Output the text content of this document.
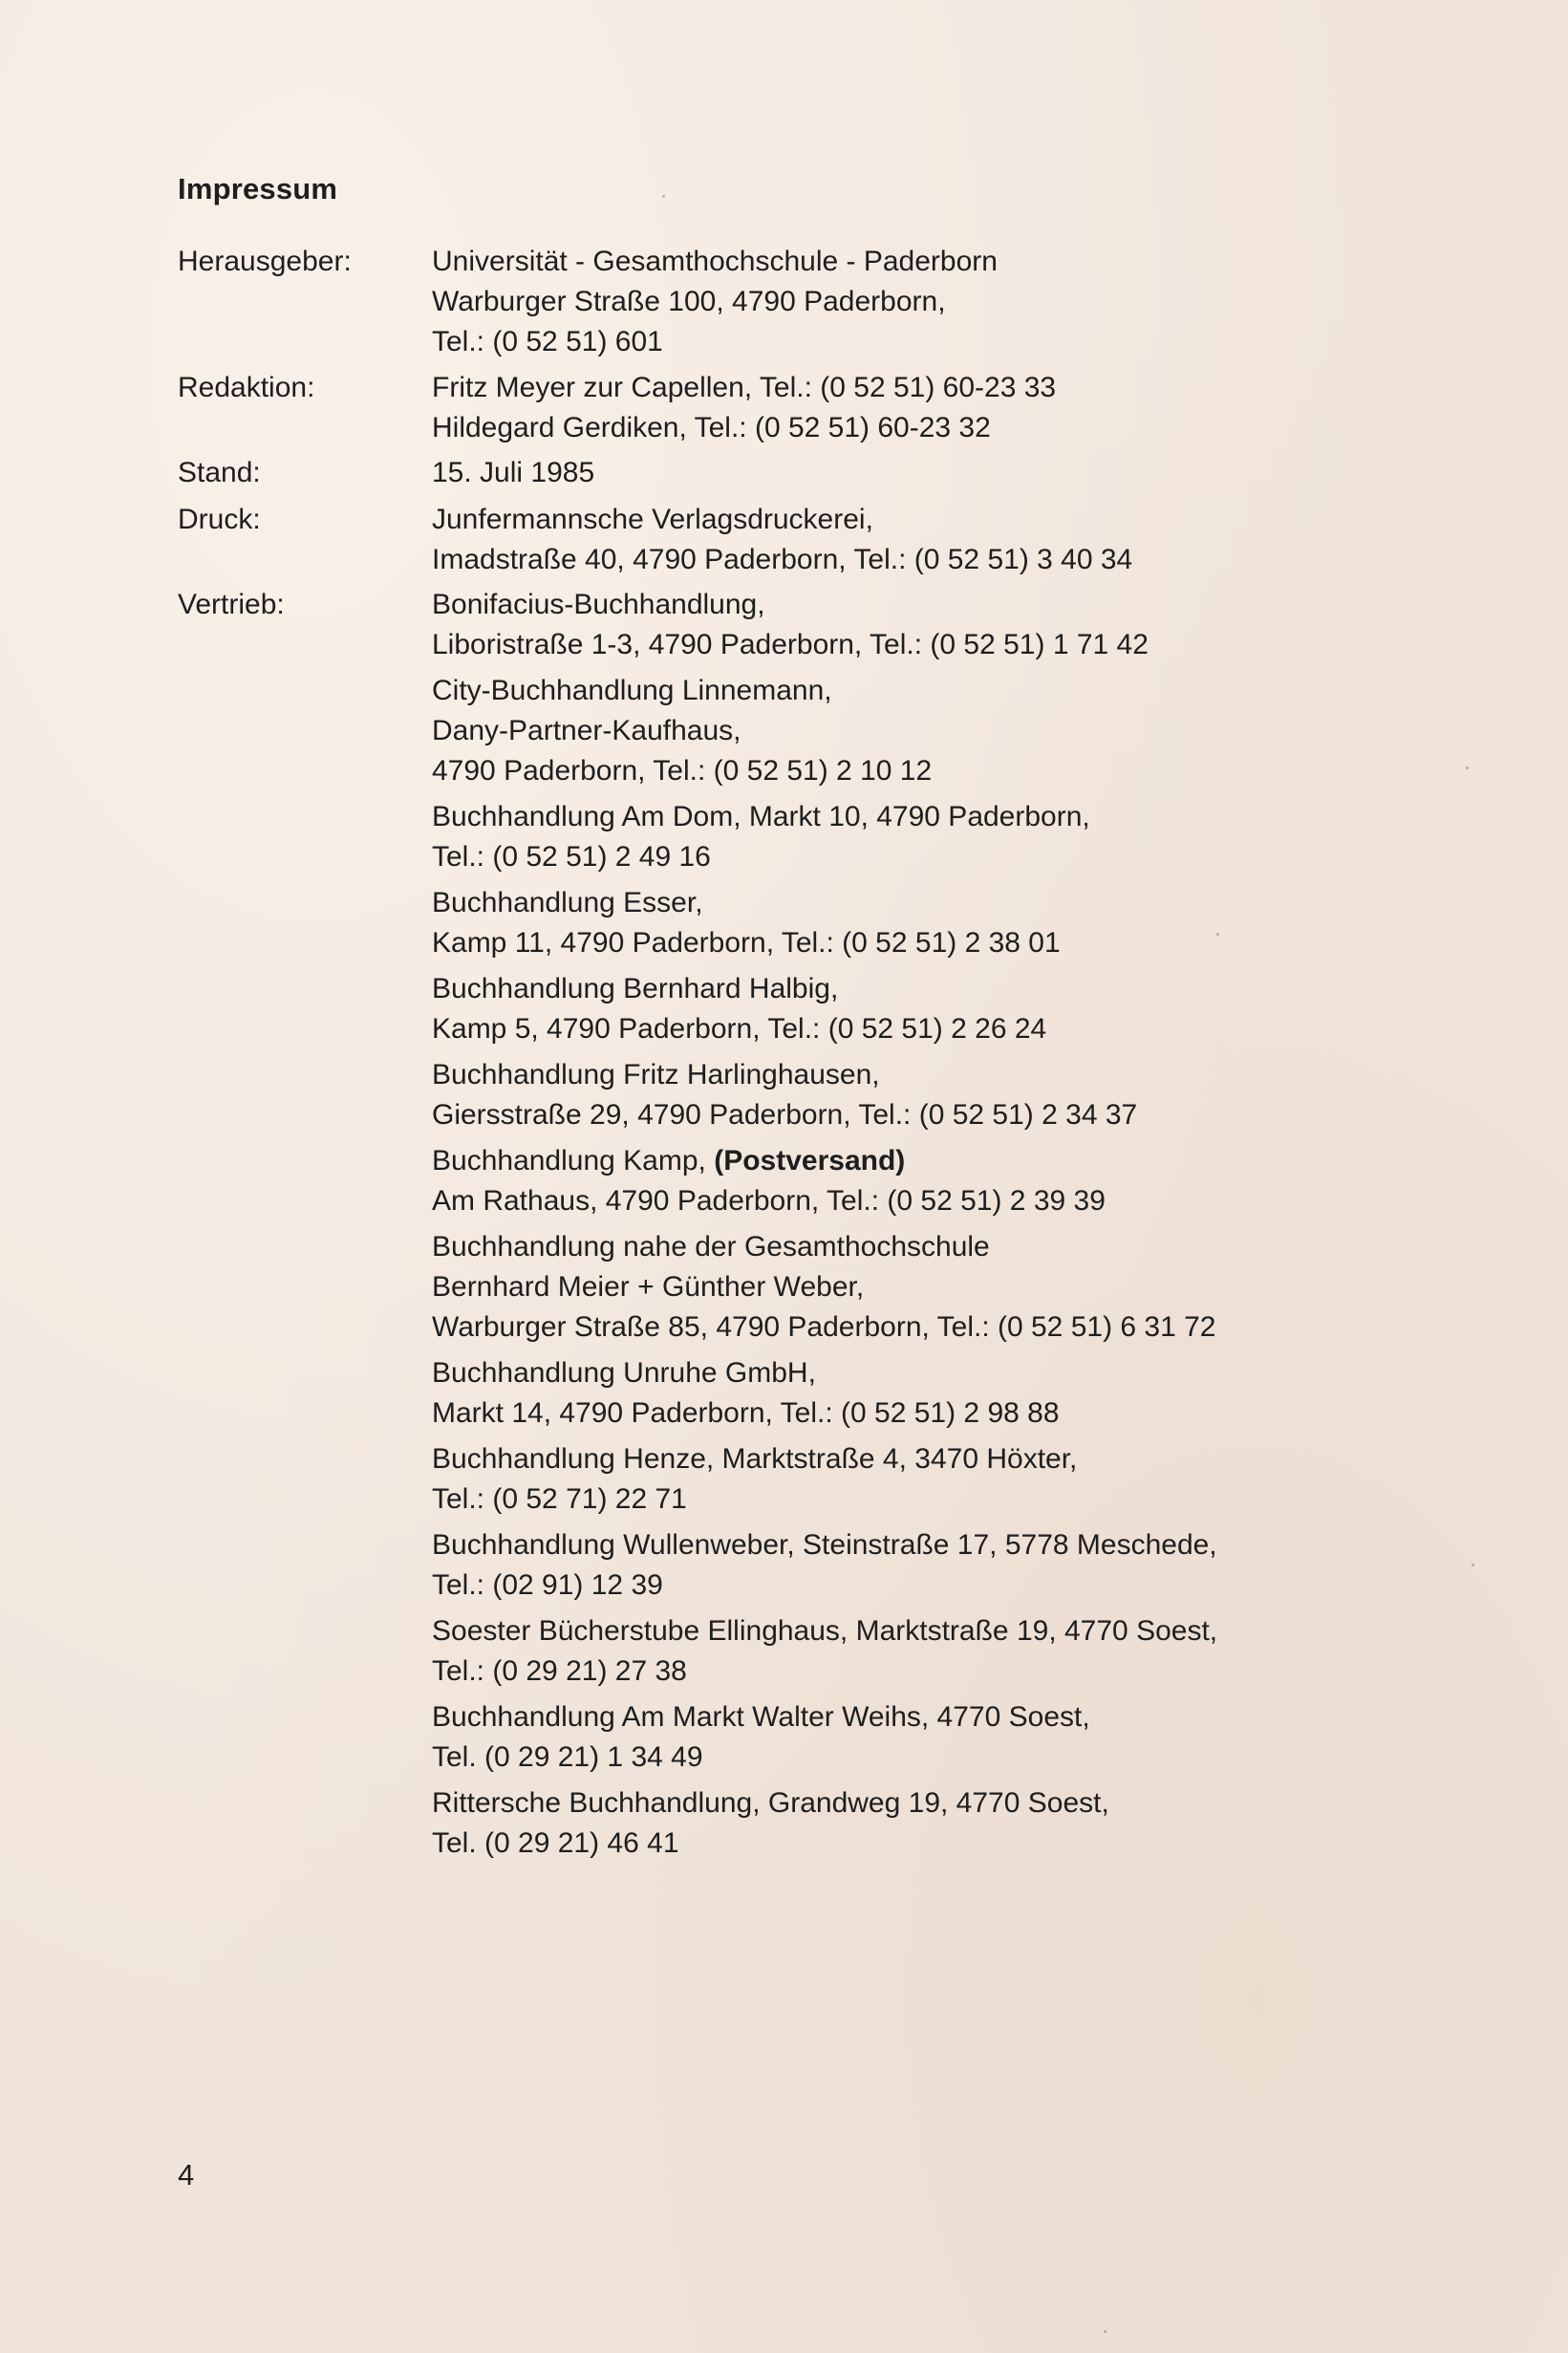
Impressum
Herausgeber:	Universität - Gesamthochschule - Paderborn
Warburger Straße 100, 4790 Paderborn,
Tel.: (0 52 51) 601
Redaktion:	Fritz Meyer zur Capellen, Tel.: (0 52 51) 60-23 33
Hildegard Gerdiken, Tel.: (0 52 51) 60-23 32
Stand:	15. Juli 1985
Druck:	Junfermannsche Verlagsdruckerei,
Imadstraße 40, 4790 Paderborn, Tel.: (0 52 51) 3 40 34
Vertrieb:	Bonifacius-Buchhandlung,
Liboristraße 1-3, 4790 Paderborn, Tel.: (0 52 51) 1 71 42
City-Buchhandlung Linnemann,
Dany-Partner-Kaufhaus,
4790 Paderborn, Tel.: (0 52 51) 2 10 12
Buchhandlung Am Dom, Markt 10, 4790 Paderborn,
Tel.: (0 52 51) 2 49 16
Buchhandlung Esser,
Kamp 11, 4790 Paderborn, Tel.: (0 52 51) 2 38 01
Buchhandlung Bernhard Halbig,
Kamp 5, 4790 Paderborn, Tel.: (0 52 51) 2 26 24
Buchhandlung Fritz Harlinghausen,
Giersstraße 29, 4790 Paderborn, Tel.: (0 52 51) 2 34 37
Buchhandlung Kamp, (Postversand)
Am Rathaus, 4790 Paderborn, Tel.: (0 52 51) 2 39 39
Buchhandlung nahe der Gesamthochschule
Bernhard Meier + Günther Weber,
Warburger Straße 85, 4790 Paderborn, Tel.: (0 52 51) 6 31 72
Buchhandlung Unruhe GmbH,
Markt 14, 4790 Paderborn, Tel.: (0 52 51) 2 98 88
Buchhandlung Henze, Marktstraße 4, 3470 Höxter,
Tel.: (0 52 71) 22 71
Buchhandlung Wullenweber, Steinstraße 17, 5778 Meschede,
Tel.: (02 91) 12 39
Soester Bücherstube Ellinghaus, Marktstraße 19, 4770 Soest,
Tel.: (0 29 21) 27 38
Buchhandlung Am Markt Walter Weihs, 4770 Soest,
Tel. (0 29 21) 1 34 49
Rittersche Buchhandlung, Grandweg 19, 4770 Soest,
Tel. (0 29 21) 46 41
4
